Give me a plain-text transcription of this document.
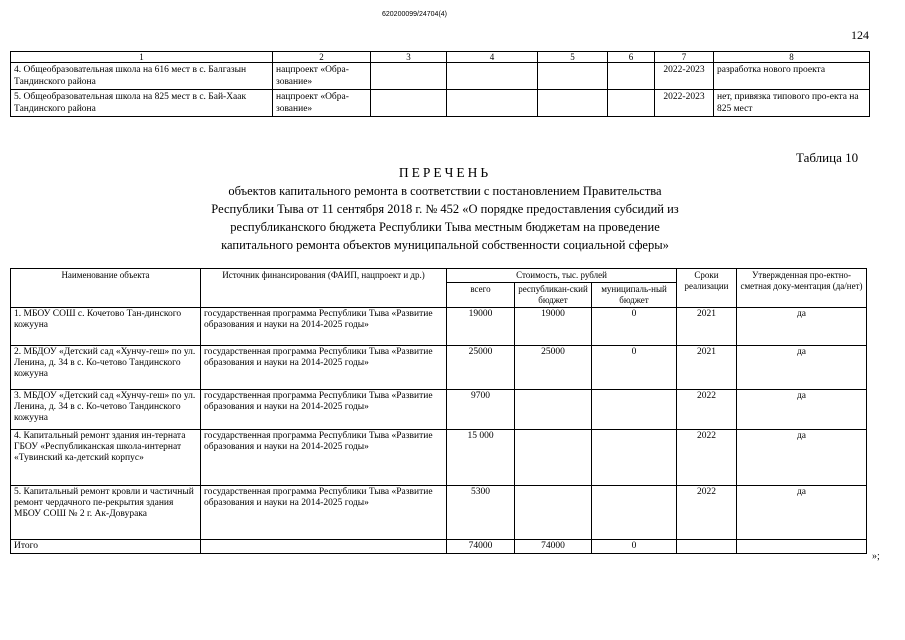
620200099/24704(4)
124
1	2	3	4	5	6	7	8
4. Общеобразовательная школа на 616 мест в с. Балгазын Тандинского района	нацпроект «Обра-зование»					2022-2023	разработка нового проекта
5. Общеобразовательная школа на 825 мест в с. Бай-Хаак Тандинского района	нацпроект «Обра-зование»					2022-2023	нет, привязка типового про-екта на 825 мест
Таблица 10
ПЕРЕЧЕНЬ
объектов капитального ремонта в соответствии с постановлением Правительства
Республики Тыва от 11 сентября 2018 г. № 452 «О порядке предоставления субсидий из
республиканского бюджета Республики Тыва местным бюджетам на проведение
капитального ремонта объектов муниципальной собственности социальной сферы»
Наименование объекта	Источник финансирования (ФАИП, нацпроект и др.)	Стоимость, тыс. рублей			Сроки реализации	Утвержденная про-ектно-сметная доку-ментация (да/нет)
		всего	республикан-ский бюджет	муниципаль-ный бюджет		
1. МБОУ СОШ с. Кочетово Тан-динского кожууна	государственная программа Республики Тыва «Развитие образования и науки на 2014-2025 годы»	19000	19000	0	2021	да
2. МБДОУ «Детский сад «Хунчу-геш» по ул. Ленина, д. 34 в с. Ко-четово Тандинского кожууна	государственная программа Республики Тыва «Развитие образования и науки на 2014-2025 годы»	25000	25000	0	2021	да
3. МБДОУ «Детский сад «Хунчу-геш» по ул. Ленина, д. 34 в с. Ко-четово Тандинского кожууна	государственная программа Республики Тыва «Развитие образования и науки на 2014-2025 годы»	9700			2022	да
4. Капитальный ремонт здания ин-терната ГБОУ «Республиканская школа-интернат «Тувинский ка-детский корпус»	государственная программа Республики Тыва «Развитие образования и науки на 2014-2025 годы»	15 000			2022	да
5. Капитальный ремонт кровли и частичный ремонт чердачного пе-рекрытия здания МБОУ СОШ № 2 г. Ак-Довурака	государственная программа Республики Тыва «Развитие образования и науки на 2014-2025 годы»	5300			2022	да
Итого		74000	74000	0		
»;
